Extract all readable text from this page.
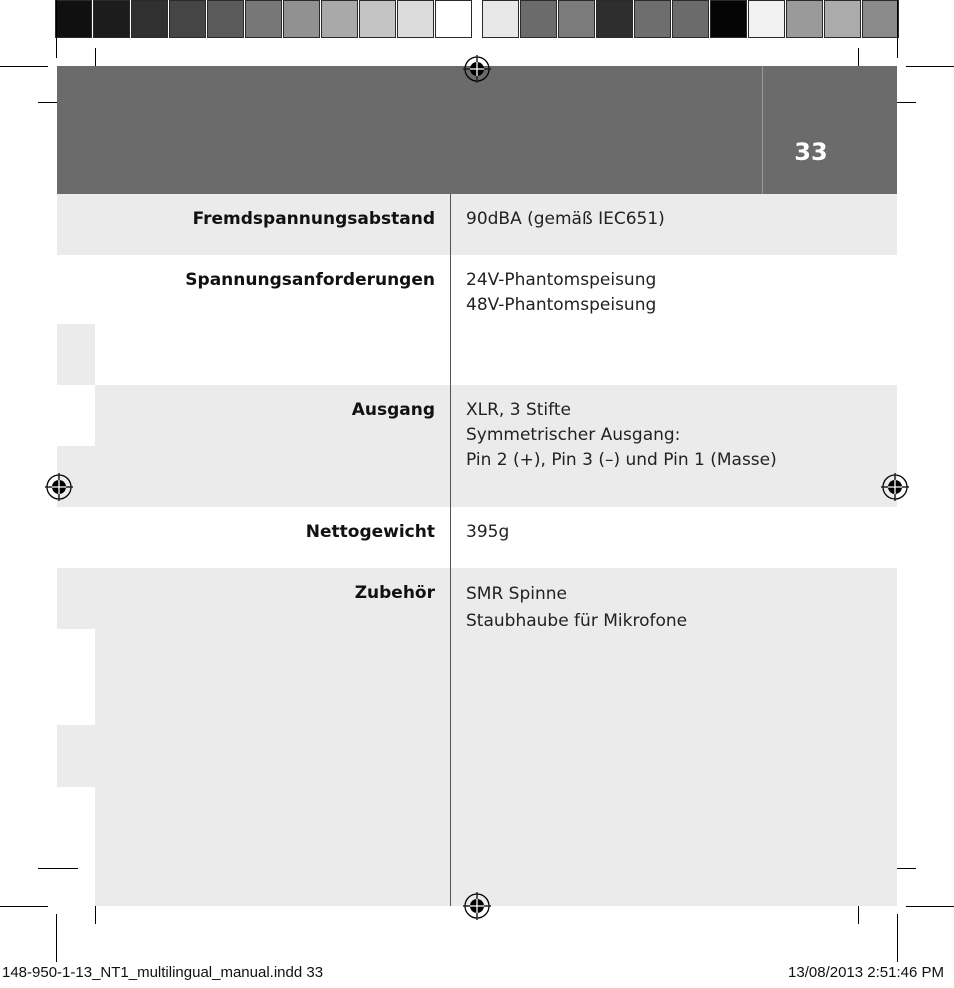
33
Fremdspannungsabstand 90dBA (gemäß IEC651)
Spannungsanforderungen 24V-Phantomspeisung
48V-Phantomspeisung
Ausgang XLR, 3 Stifte
Symmetrischer Ausgang:
Pin 2 (+), Pin 3 (–) und Pin 1 (Masse)
Nettogewicht 395g
Zubehör SMR Spinne
Staubhaube für Mikrofone
148-950-1-13_NT1_multilingual_manual.indd 33	13/08/2013 2:51:46 PM
